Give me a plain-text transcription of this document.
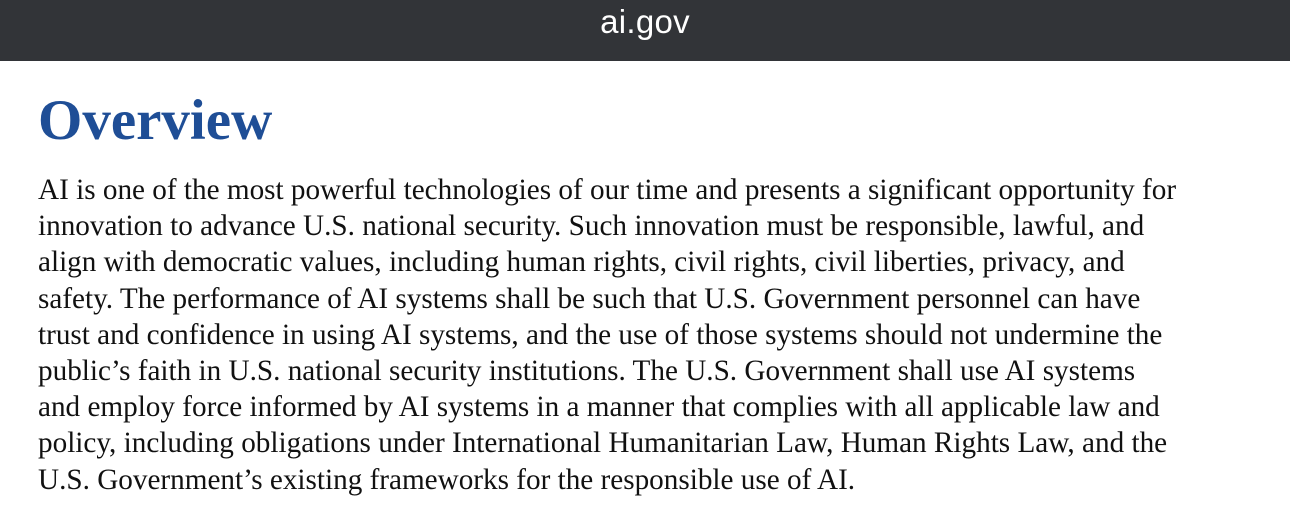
ai.gov
Overview

AI is one of the most powerful technologies of our time and presents a significant opportunity for
innovation to advance U.S. national security. Such innovation must be responsible, lawful, and
align with democratic values, including human rights, civil rights, civil liberties, privacy, and
safety. The performance of AI systems shall be such that U.S. Government personnel can have
trust and confidence in using AI systems, and the use of those systems should not undermine the
public’s faith in U.S. national security institutions. The U.S. Government shall use AI systems
and employ force informed by AI systems in a manner that complies with all applicable law and
policy, including obligations under International Humanitarian Law, Human Rights Law, and the
U.S. Government’s existing frameworks for the responsible use of AI.
